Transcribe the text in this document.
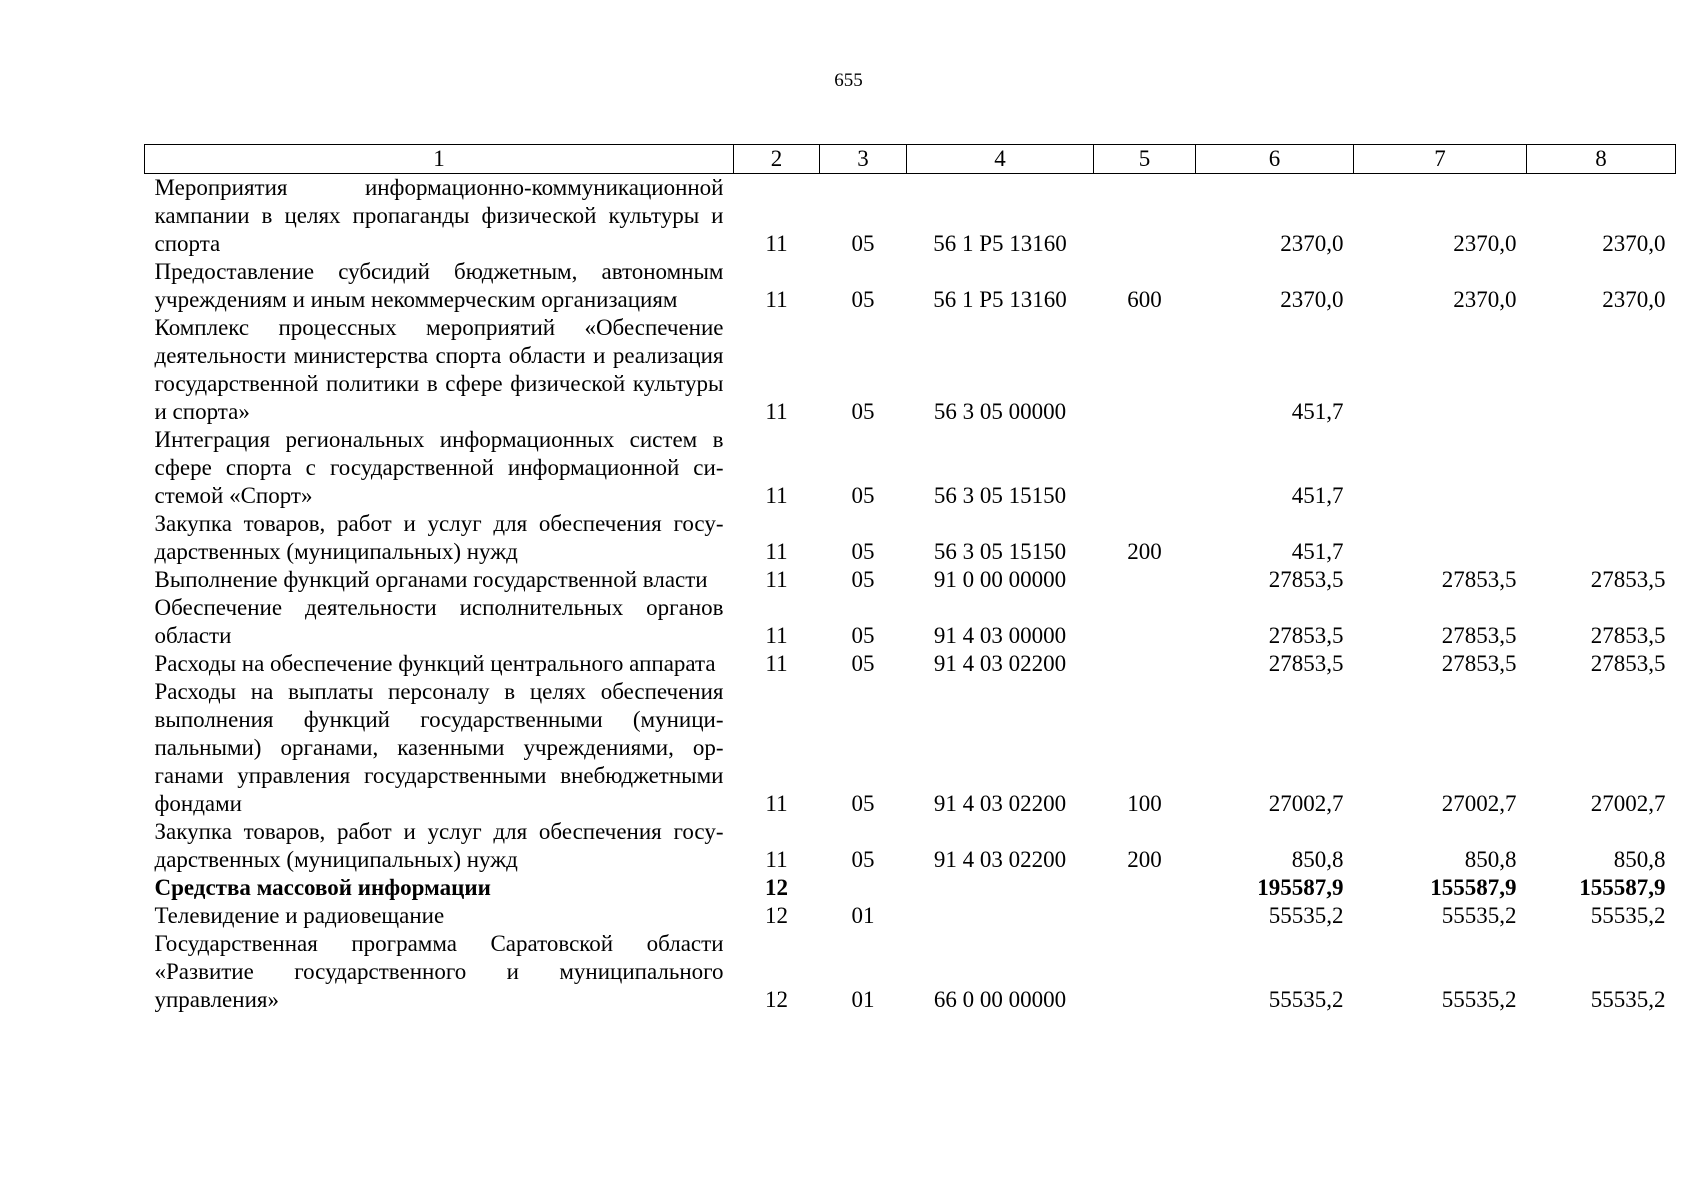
655
1	2	3	4	5	6	7	8
Мероприятия информационно-коммуникационной кампании в целях пропаганды физической культуры и спорта	11	05	56 1 P5 13160		2370,0	2370,0	2370,0
Предоставление субсидий бюджетным, автономным учреждениям и иным некоммерческим организациям	11	05	56 1 P5 13160	600	2370,0	2370,0	2370,0
Комплекс процессных мероприятий «Обеспечение деятельности министерства спорта области и реализация государственной политики в сфере физической культуры и спорта»	11	05	56 3 05 00000		451,7		
Интеграция региональных информационных систем в сфере спорта с государственной информационной системой «Спорт»	11	05	56 3 05 15150		451,7		
Закупка товаров, работ и услуг для обеспечения государственных (муниципальных) нужд	11	05	56 3 05 15150	200	451,7		
Выполнение функций органами государственной власти	11	05	91 0 00 00000		27853,5	27853,5	27853,5
Обеспечение деятельности исполнительных органов области	11	05	91 4 03 00000		27853,5	27853,5	27853,5
Расходы на обеспечение функций центрального аппарата	11	05	91 4 03 02200		27853,5	27853,5	27853,5
Расходы на выплаты персоналу в целях обеспечения выполнения функций государственными (муниципальными) органами, казенными учреждениями, органами управления государственными внебюджетными фондами	11	05	91 4 03 02200	100	27002,7	27002,7	27002,7
Закупка товаров, работ и услуг для обеспечения государственных (муниципальных) нужд	11	05	91 4 03 02200	200	850,8	850,8	850,8
Средства массовой информации	12				195587,9	155587,9	155587,9
Телевидение и радиовещание	12	01			55535,2	55535,2	55535,2
Государственная программа Саратовской области «Развитие государственного и муниципального управления»	12	01	66 0 00 00000		55535,2	55535,2	55535,2
